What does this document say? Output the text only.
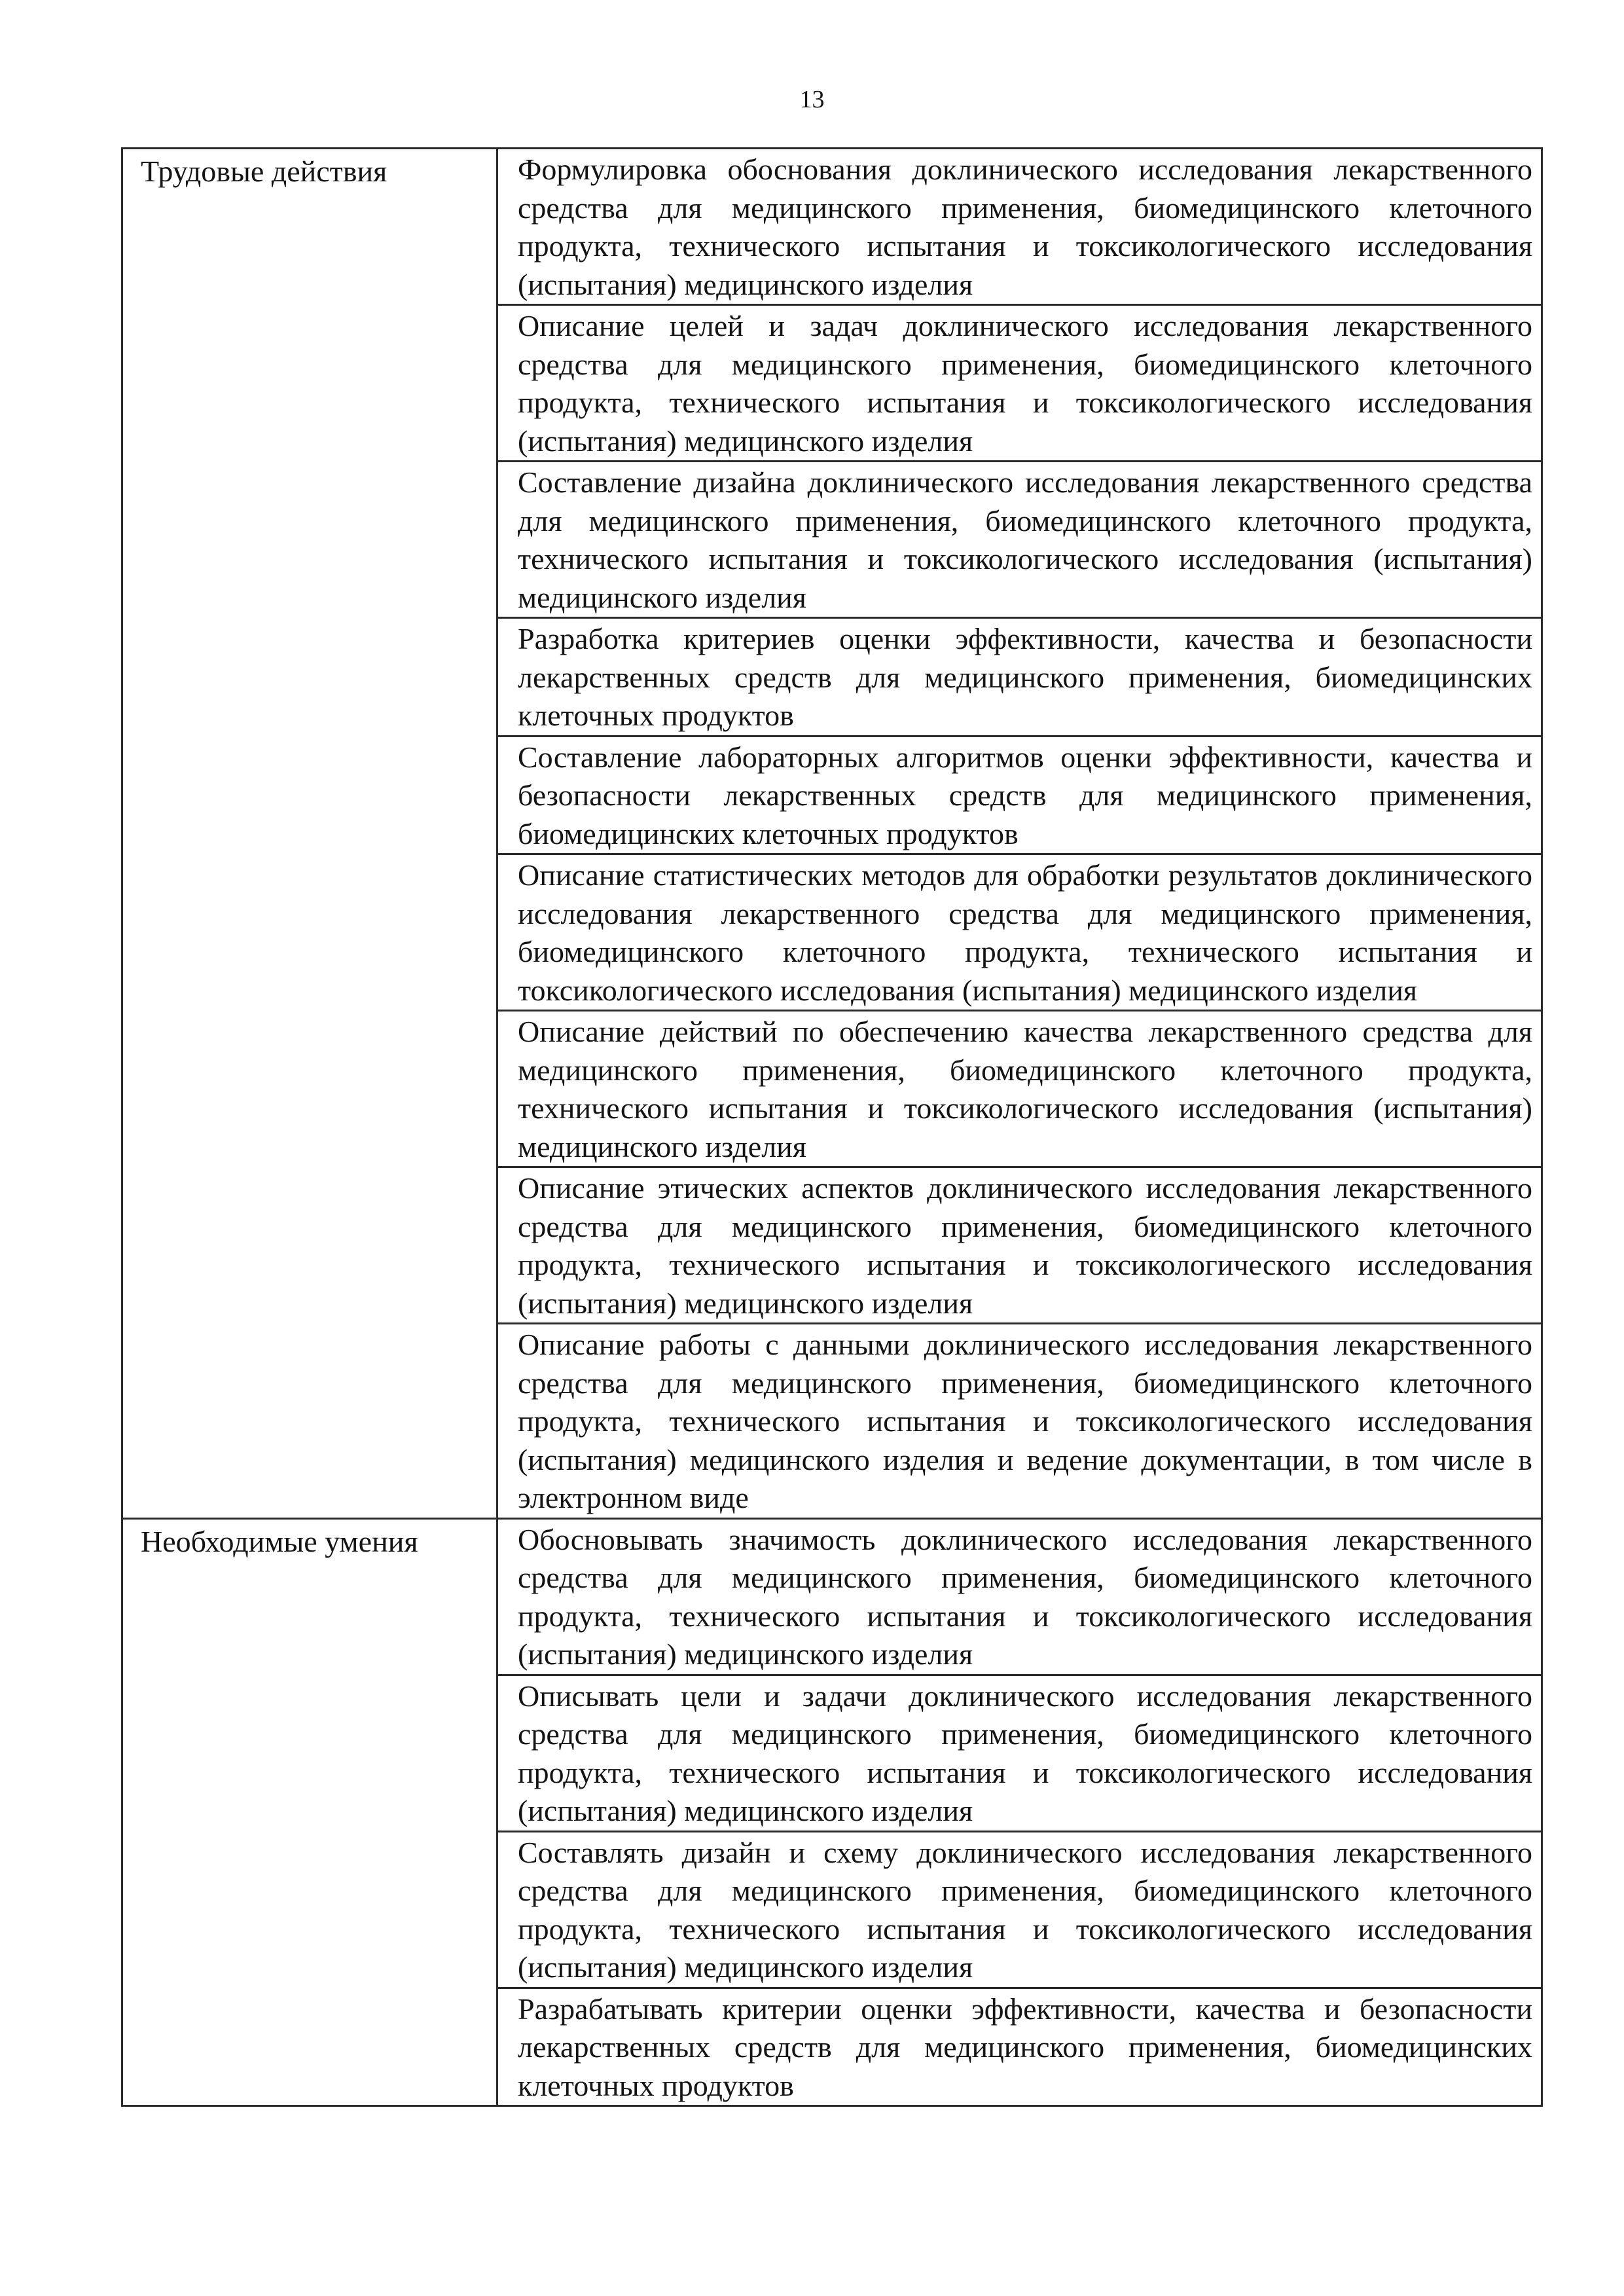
13
Трудовые действия	Формулировка обоснования доклинического исследования лекарственного средства для медицинского применения, биомедицинского клеточного продукта, технического испытания и токсикологического исследования (испытания) медицинского изделия
	Описание целей и задач доклинического исследования лекарственного средства для медицинского применения, биомедицинского клеточного продукта, технического испытания и токсикологического исследования (испытания) медицинского изделия
	Составление дизайна доклинического исследования лекарственного средства для медицинского применения, биомедицинского клеточного продукта, технического испытания и токсикологического исследования (испытания) медицинского изделия
	Разработка критериев оценки эффективности, качества и безопасности лекарственных средств для медицинского применения, биомедицинских клеточных продуктов
	Составление лабораторных алгоритмов оценки эффективности, качества и безопасности лекарственных средств для медицинского применения, биомедицинских клеточных продуктов
	Описание статистических методов для обработки результатов доклинического исследования лекарственного средства для медицинского применения, биомедицинского клеточного продукта, технического испытания и токсикологического исследования (испытания) медицинского изделия
	Описание действий по обеспечению качества лекарственного средства для медицинского применения, биомедицинского клеточного продукта, технического испытания и токсикологического исследования (испытания) медицинского изделия
	Описание этических аспектов доклинического исследования лекарственного средства для медицинского применения, биомедицинского клеточного продукта, технического испытания и токсикологического исследования (испытания) медицинского изделия
	Описание работы с данными доклинического исследования лекарственного средства для медицинского применения, биомедицинского клеточного продукта, технического испытания и токсикологического исследования (испытания) медицинского изделия и ведение документации, в том числе в электронном виде
Необходимые умения	Обосновывать значимость доклинического исследования лекарственного средства для медицинского применения, биомедицинского клеточного продукта, технического испытания и токсикологического исследования (испытания) медицинского изделия
	Описывать цели и задачи доклинического исследования лекарственного средства для медицинского применения, биомедицинского клеточного продукта, технического испытания и токсикологического исследования (испытания) медицинского изделия
	Составлять дизайн и схему доклинического исследования лекарственного средства для медицинского применения, биомедицинского клеточного продукта, технического испытания и токсикологического исследования (испытания) медицинского изделия
	Разрабатывать критерии оценки эффективности, качества и безопасности лекарственных средств для медицинского применения, биомедицинских клеточных продуктов
